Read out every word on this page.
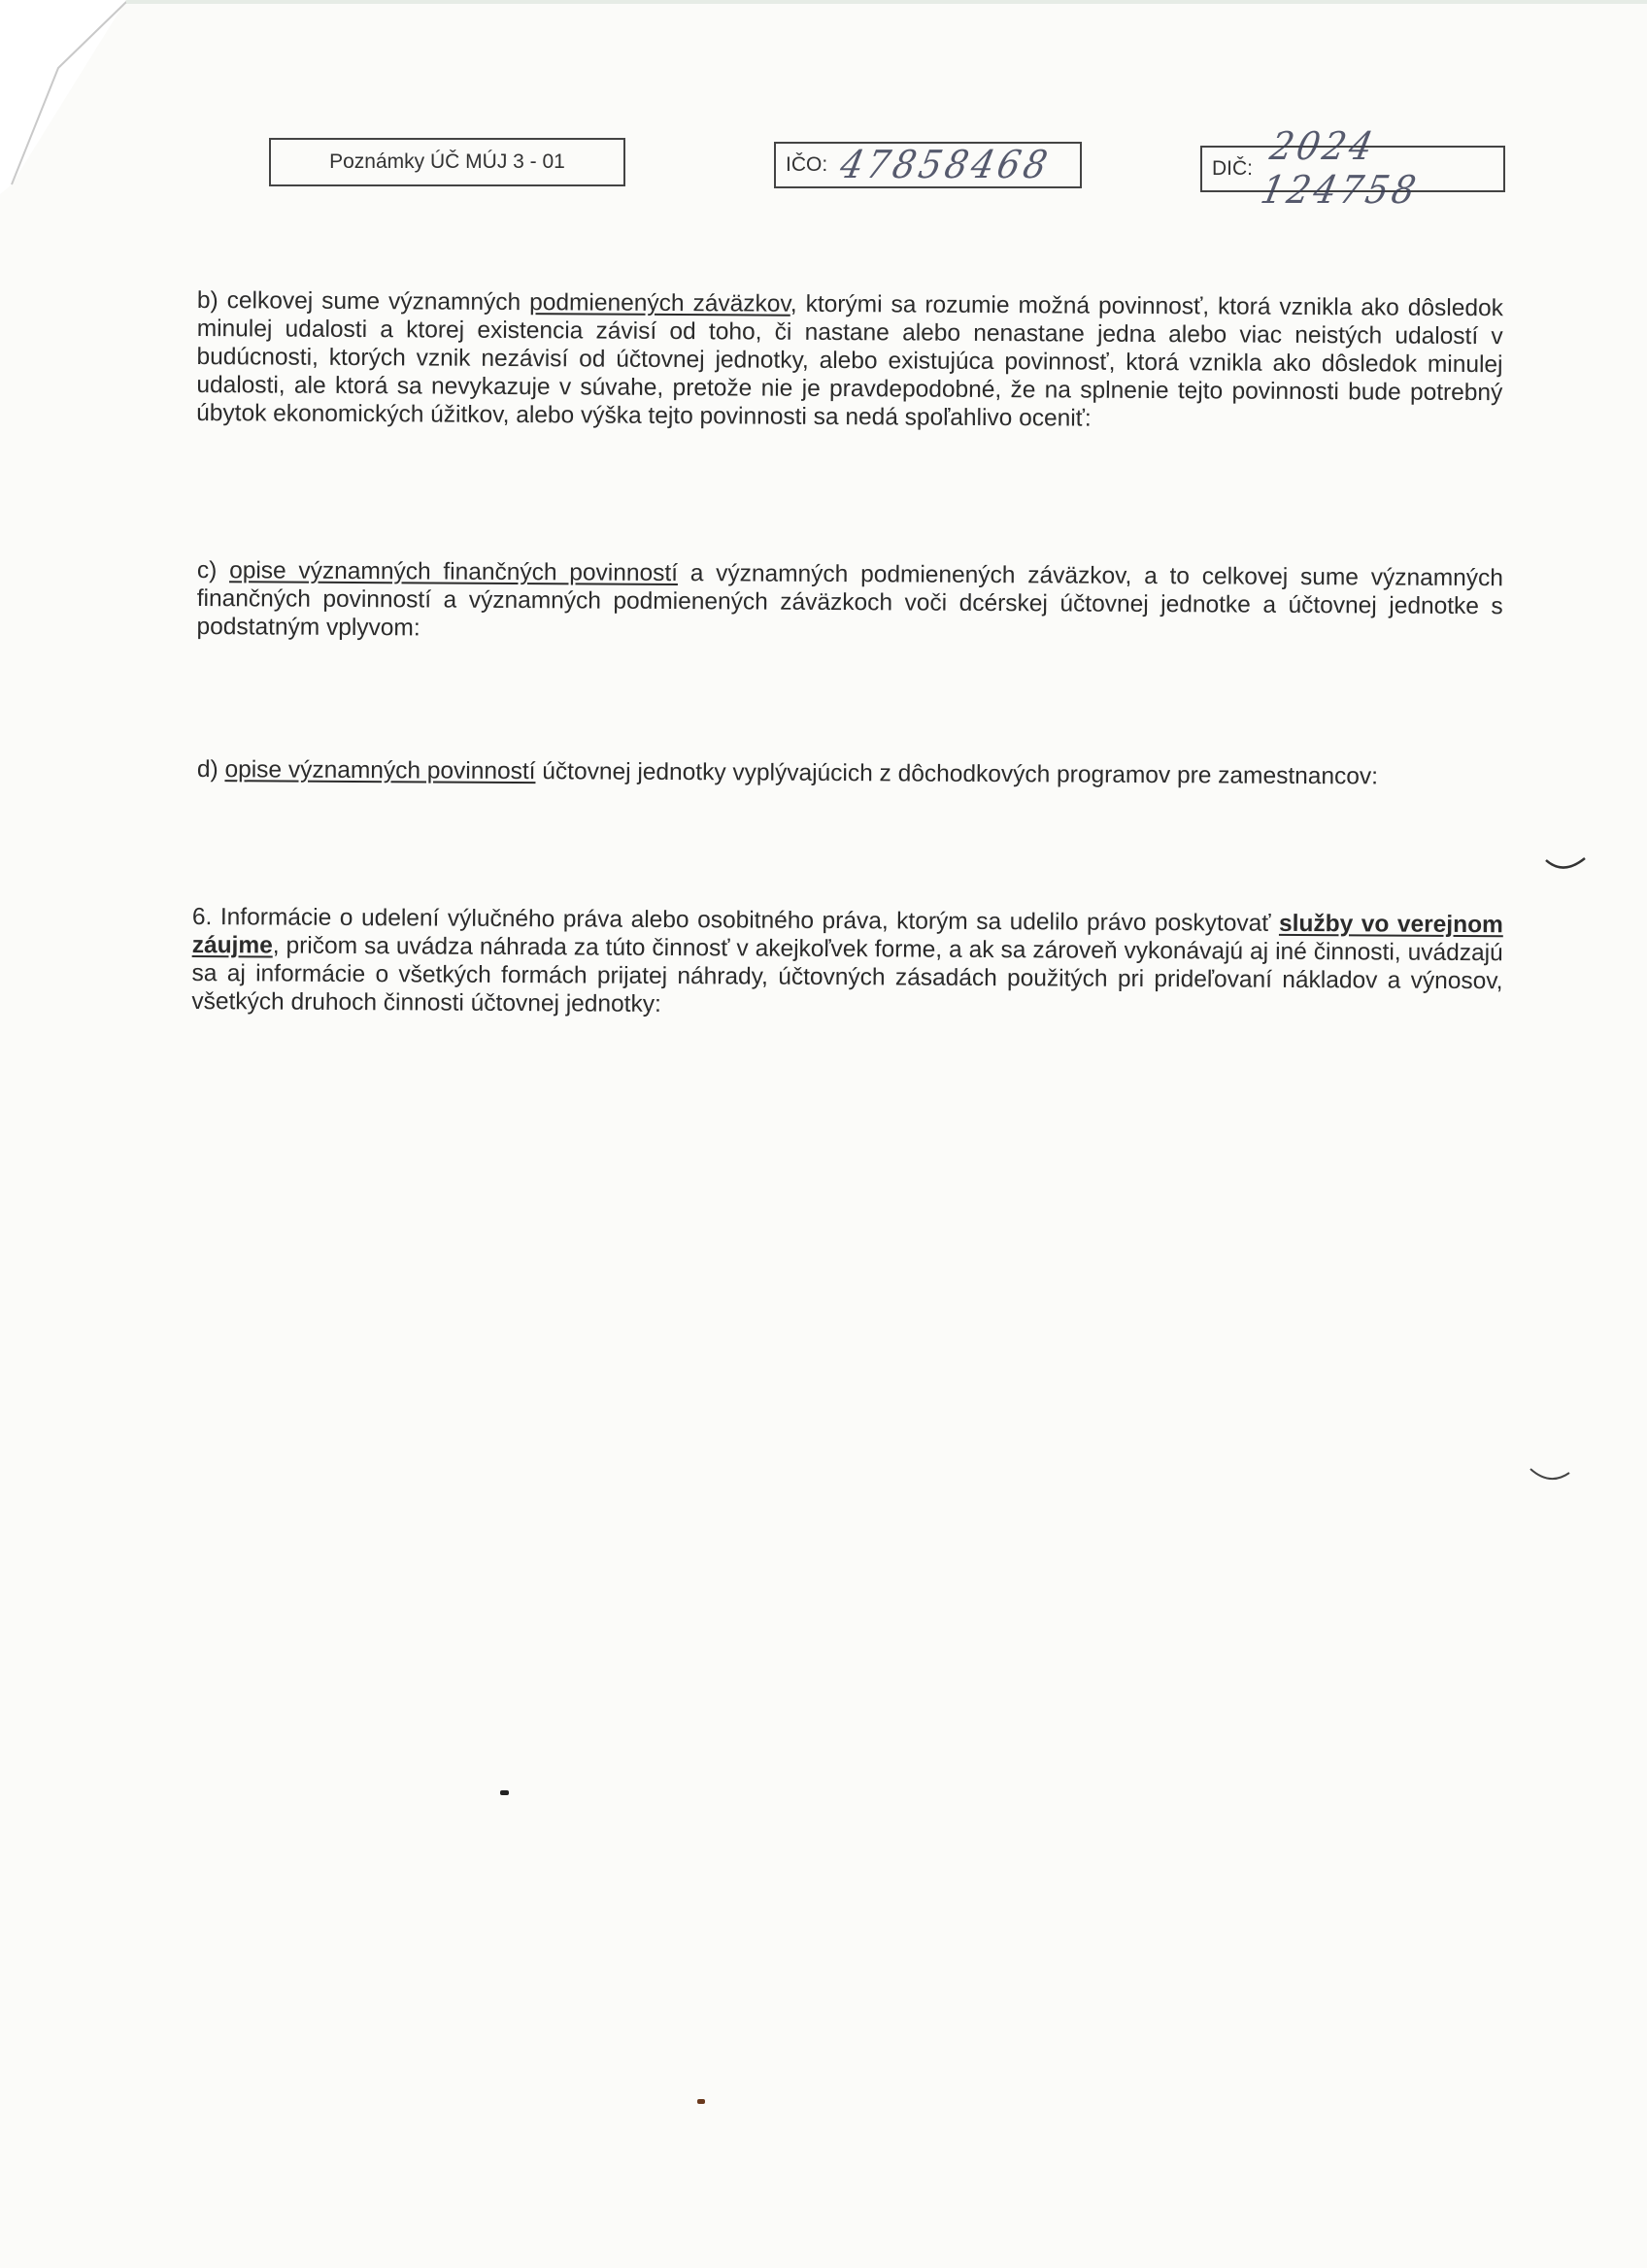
Poznámky ÚČ MÚJ 3 - 01	IČO: 47858468	DIČ: 2024 124758
b) celkovej sume významných podmienených záväzkov, ktorými sa rozumie možná povinnosť, ktorá vznikla ako dôsledok minulej udalosti a ktorej existencia závisí od toho, či nastane alebo nenastane jedna alebo viac neistých udalostí v budúcnosti, ktorých vznik nezávisí od účtovnej jednotky, alebo existujúca povinnosť, ktorá vznikla ako dôsledok minulej udalosti, ale ktorá sa nevykazuje v súvahe, pretože nie je pravdepodobné, že na splnenie tejto povinnosti bude potrebný úbytok ekonomických úžitkov, alebo výška tejto povinnosti sa nedá spoľahlivo oceniť:
c) opise významných finančných povinností a významných podmienených záväzkov, a to celkovej sume významných finančných povinností a významných podmienených záväzkoch voči dcérskej účtovnej jednotke a účtovnej jednotke s podstatným vplyvom:
d) opise významných povinností účtovnej jednotky vyplývajúcich z dôchodkových programov pre zamestnancov:
6. Informácie o udelení výlučného práva alebo osobitného práva, ktorým sa udelilo právo poskytovať služby vo verejnom záujme, pričom sa uvádza náhrada za túto činnosť v akejkoľvek forme, a ak sa zároveň vykonávajú aj iné činnosti, uvádzajú sa aj informácie o všetkých formách prijatej náhrady, účtovných zásadách použitých pri prideľovaní nákladov a výnosov, všetkých druhoch činnosti účtovnej jednotky:
